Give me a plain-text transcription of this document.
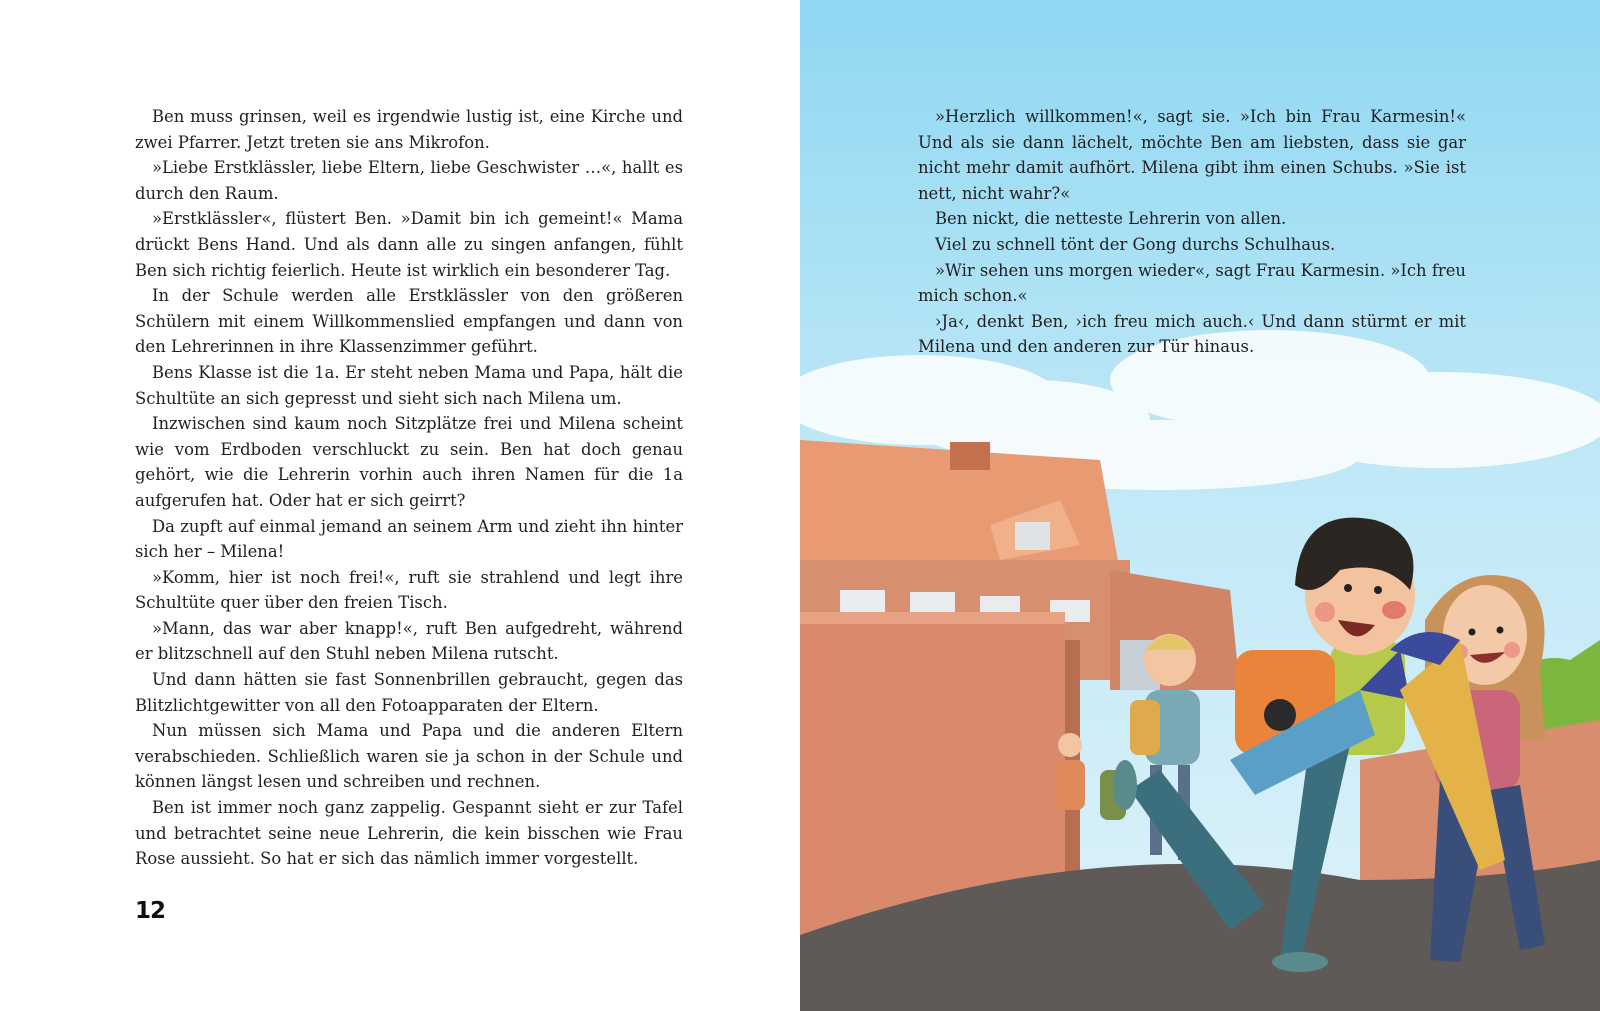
Ben muss grinsen, weil es irgendwie lustig ist, eine Kirche und zwei Pfarrer. Jetzt treten sie ans Mikrofon.

»Liebe Erstklässler, liebe Eltern, liebe Geschwister …«, hallt es durch den Raum.

»Erstklässler«, flüstert Ben. »Damit bin ich gemeint!« Mama drückt Bens Hand. Und als dann alle zu singen anfangen, fühlt Ben sich richtig feierlich. Heute ist wirklich ein besonderer Tag.

In der Schule werden alle Erstklässler von den größeren Schülern mit einem Willkommenslied empfangen und dann von den Lehrerinnen in ihre Klassenzimmer geführt.

Bens Klasse ist die 1a. Er steht neben Mama und Papa, hält die Schultüte an sich gepresst und sieht sich nach Milena um.

Inzwischen sind kaum noch Sitzplätze frei und Milena scheint wie vom Erdboden verschluckt zu sein. Ben hat doch genau gehört, wie die Lehrerin vorhin auch ihren Namen für die 1a aufgerufen hat. Oder hat er sich geirrt?

Da zupft auf einmal jemand an seinem Arm und zieht ihn hinter sich her – Milena!

»Komm, hier ist noch frei!«, ruft sie strahlend und legt ihre Schultüte quer über den freien Tisch.

»Mann, das war aber knapp!«, ruft Ben aufgedreht, während er blitzschnell auf den Stuhl neben Milena rutscht.

Und dann hätten sie fast Sonnenbrillen gebraucht, gegen das Blitzlichtgewitter von all den Fotoapparaten der Eltern.

Nun müssen sich Mama und Papa und die anderen Eltern verabschieden. Schließlich waren sie ja schon in der Schule und können längst lesen und schreiben und rechnen.

Ben ist immer noch ganz zappelig. Gespannt sieht er zur Tafel und betrachtet seine neue Lehrerin, die kein bisschen wie Frau Rose aussieht. So hat er sich das nämlich immer vorgestellt.

12

»Herzlich willkommen!«, sagt sie. »Ich bin Frau Karmesin!« Und als sie dann lächelt, möchte Ben am liebsten, dass sie gar nicht mehr damit aufhört. Milena gibt ihm einen Schubs. »Sie ist nett, nicht wahr?«

Ben nickt, die netteste Lehrerin von allen.

Viel zu schnell tönt der Gong durchs Schulhaus.

»Wir sehen uns morgen wieder«, sagt Frau Karmesin. »Ich freu mich schon.«

›Ja‹, denkt Ben, ›ich freu mich auch.‹ Und dann stürmt er mit Milena und den anderen zur Tür hinaus.
